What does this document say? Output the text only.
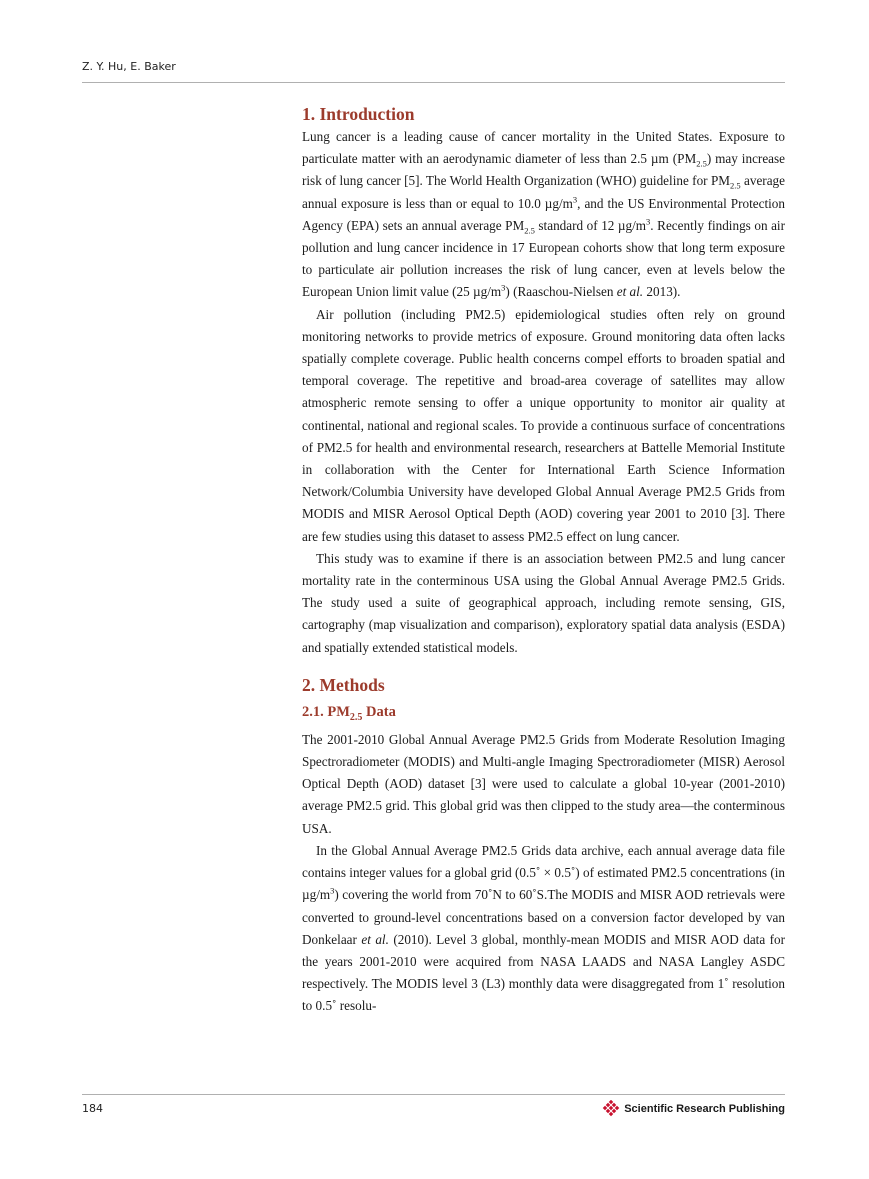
Z. Y. Hu, E. Baker
1. Introduction

Lung cancer is a leading cause of cancer mortality in the United States. Exposure to particulate matter with an aerodynamic diameter of less than 2.5 µm $(PM_{2.5})$ may increase risk of lung cancer [5]. The World Health Organization (WHO) guideline for $PM_{2.5}$ average annual exposure is less than or equal to 10.0 $\mu g/m^3$, and the US Environmental Protection Agency (EPA) sets an annual average $PM_{2.5}$ standard of 12 $\mu g/m^3$. Recently findings on air pollution and lung cancer incidence in 17 European cohorts show that long term exposure to particulate air pollution increases the risk of lung cancer, even at levels below the European Union limit value (25 $\mu g/m^3$) (Raaschou-Nielsen et al. 2013).

Air pollution (including PM2.5) epidemiological studies often rely on ground monitoring networks to provide metrics of exposure. Ground monitoring data often lacks spatially complete coverage. Public health concerns compel efforts to broaden spatial and temporal coverage. The repetitive and broad-area coverage of satellites may allow atmospheric remote sensing to offer a unique opportunity to monitor air quality at continental, national and regional scales. To provide a continuous surface of concentrations of PM2.5 for health and environmental research, researchers at Battelle Memorial Institute in collaboration with the Center for International Earth Science Information Network/Columbia University have developed Global Annual Average PM2.5 Grids from MODIS and MISR Aerosol Optical Depth (AOD) covering year 2001 to 2010 [3]. There are few studies using this dataset to assess PM2.5 effect on lung cancer.

This study was to examine if there is an association between PM2.5 and lung cancer mortality rate in the conterminous USA using the Global Annual Average PM2.5 Grids. The study used a suite of geographical approach, including remote sensing, GIS, cartography (map visualization and comparison), exploratory spatial data analysis (ESDA) and spatially extended statistical models.

2. Methods
2.1. $PM_{2.5}$ Data

The 2001-2010 Global Annual Average PM2.5 Grids from Moderate Resolution Imaging Spectroradiometer (MODIS) and Multi-angle Imaging Spectroradiometer (MISR) Aerosol Optical Depth (AOD) dataset [3] were used to calculate a global 10-year (2001-2010) average PM2.5 grid. This global grid was then clipped to the study area—the conterminous USA.

In the Global Annual Average PM2.5 Grids data archive, each annual average data file contains integer values for a global grid (0.5˚ × 0.5˚) of estimated PM2.5 concentrations (in $\mu g/m^3$) covering the world from 70˚N to 60˚S.The MODIS and MISR AOD retrievals were converted to ground-level concentrations based on a conversion factor developed by van Donkelaar et al. (2010). Level 3 global, monthly-mean MODIS and MISR AOD data for the years 2001-2010 were acquired from NASA LAADS and NASA Langley ASDC respectively. The MODIS level 3 (L3) monthly data were disaggregated from 1˚ resolution to 0.5˚ resolu-

184	Scientific Research Publishing
